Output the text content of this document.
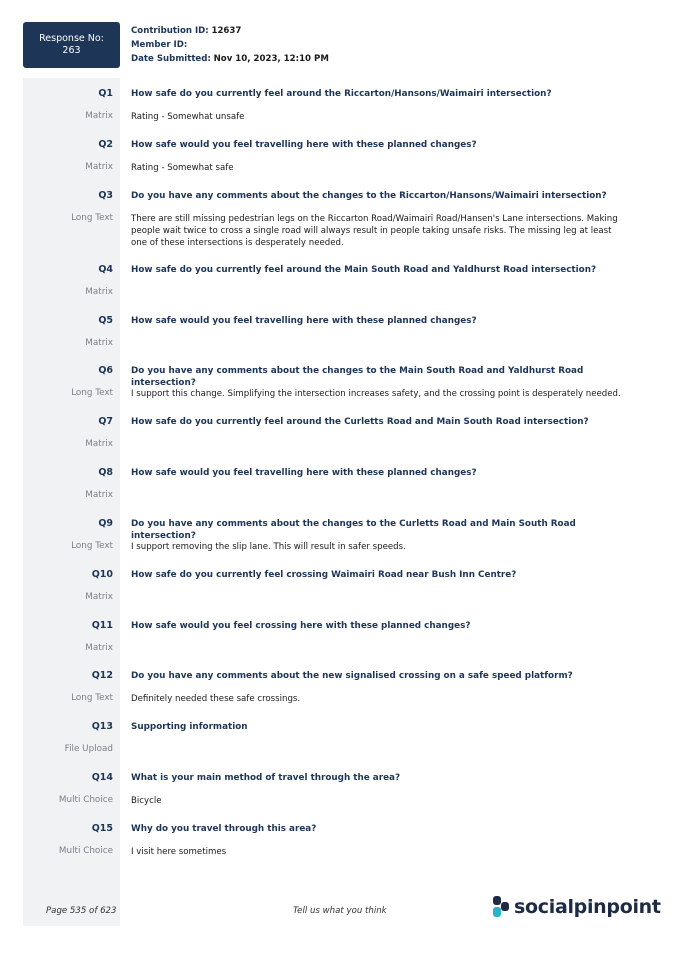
Response No:
263
Contribution ID: 12637
Member ID:
Date Submitted: Nov 10, 2023, 12:10 PM
Q1 How safe do you currently feel around the Riccarton/Hansons/Waimairi intersection?
Matrix Rating - Somewhat unsafe
Q2 How safe would you feel travelling here with these planned changes?
Matrix Rating - Somewhat safe
Q3 Do you have any comments about the changes to the Riccarton/Hansons/Waimairi intersection?
Long Text There are still missing pedestrian legs on the Riccarton Road/Waimairi Road/Hansen's Lane intersections. Making people wait twice to cross a single road will always result in people taking unsafe risks. The missing leg at least one of these intersections is desperately needed.
Q4 How safe do you currently feel around the Main South Road and Yaldhurst Road intersection?
Matrix
Q5 How safe would you feel travelling here with these planned changes?
Matrix
Q6 Do you have any comments about the changes to the Main South Road and Yaldhurst Road intersection?
Long Text I support this change. Simplifying the intersection increases safety, and the crossing point is desperately needed.
Q7 How safe do you currently feel around the Curletts Road and Main South Road intersection?
Matrix
Q8 How safe would you feel travelling here with these planned changes?
Matrix
Q9 Do you have any comments about the changes to the Curletts Road and Main South Road intersection?
Long Text I support removing the slip lane. This will result in safer speeds.
Q10 How safe do you currently feel crossing Waimairi Road near Bush Inn Centre?
Matrix
Q11 How safe would you feel crossing here with these planned changes?
Matrix
Q12 Do you have any comments about the new signalised crossing on a safe speed platform?
Long Text Definitely needed these safe crossings.
Q13 Supporting information
File Upload
Q14 What is your main method of travel through the area?
Multi Choice Bicycle
Q15 Why do you travel through this area?
Multi Choice I visit here sometimes
Page 535 of 623	Tell us what you think	socialpinpoint
